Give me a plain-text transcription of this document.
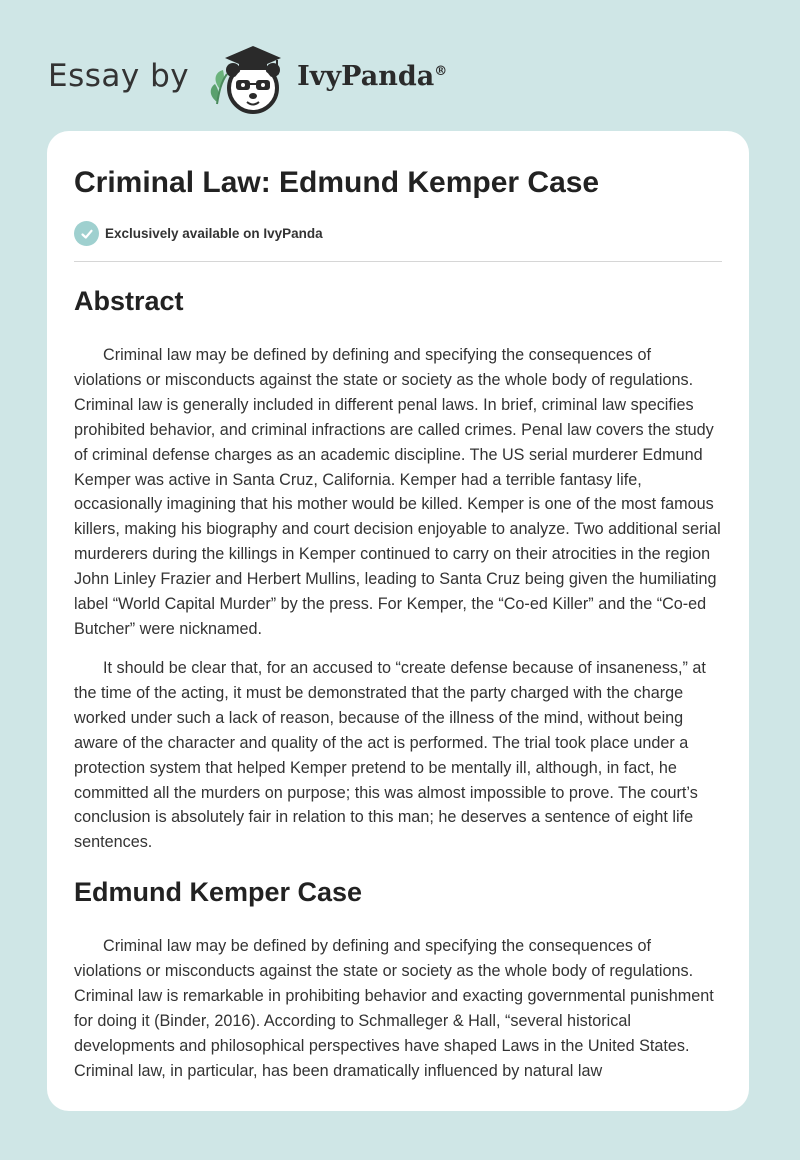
Essay by	IvyPanda®
Criminal Law: Edmund Kemper Case
Exclusively available on IvyPanda
Abstract

Criminal law may be defined by defining and specifying the consequences of violations or misconducts against the state or society as the whole body of regulations. Criminal law is generally included in different penal laws. In brief, criminal law specifies prohibited behavior, and criminal infractions are called crimes. Penal law covers the study of criminal defense charges as an academic discipline. The US serial murderer Edmund Kemper was active in Santa Cruz, California. Kemper had a terrible fantasy life, occasionally imagining that his mother would be killed. Kemper is one of the most famous killers, making his biography and court decision enjoyable to analyze. Two additional serial murderers during the killings in Kemper continued to carry on their atrocities in the region John Linley Frazier and Herbert Mullins, leading to Santa Cruz being given the humiliating label “World Capital Murder” by the press. For Kemper, the “Co-ed Killer” and the “Co-ed Butcher” were nicknamed.

It should be clear that, for an accused to “create defense because of insaneness,” at the time of the acting, it must be demonstrated that the party charged with the charge worked under such a lack of reason, because of the illness of the mind, without being aware of the character and quality of the act is performed. The trial took place under a protection system that helped Kemper pretend to be mentally ill, although, in fact, he committed all the murders on purpose; this was almost impossible to prove. The court’s conclusion is absolutely fair in relation to this man; he deserves a sentence of eight life sentences.

Edmund Kemper Case

Criminal law may be defined by defining and specifying the consequences of violations or misconducts against the state or society as the whole body of regulations. Criminal law is remarkable in prohibiting behavior and exacting governmental punishment for doing it (Binder, 2016). According to Schmalleger & Hall, “several historical developments and philosophical perspectives have shaped Laws in the United States. Criminal law, in particular, has been dramatically influenced by natural law
